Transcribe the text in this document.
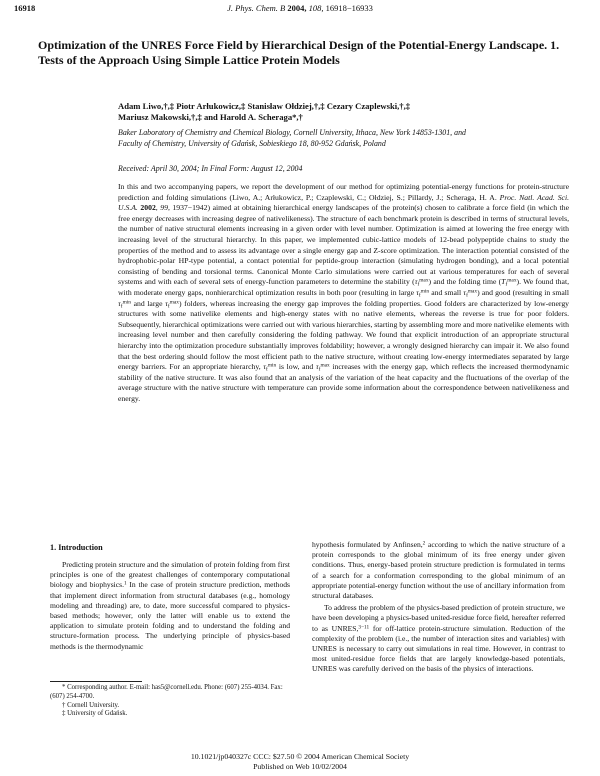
16918	J. Phys. Chem. B 2004, 108, 16918−16933
Optimization of the UNRES Force Field by Hierarchical Design of the Potential-Energy Landscape. 1. Tests of the Approach Using Simple Lattice Protein Models
Adam Liwo,†,‡ Piotr Arłukowicz,‡ Stanisław Ołdziej,†,‡ Cezary Czaplewski,†,‡
Mariusz Makowski,†,‡ and Harold A. Scheraga*,†
Baker Laboratory of Chemistry and Chemical Biology, Cornell University, Ithaca, New York 14853-1301, and
Faculty of Chemistry, University of Gdańsk, Sobieskiego 18, 80-952 Gdańsk, Poland
Received: April 30, 2004; In Final Form: August 12, 2004

In this and two accompanying papers, we report the development of our method for optimizing potential-energy functions for protein-structure prediction and folding simulations (Liwo, A.; Arłukowicz, P.; Czaplewski, C.; Ołdziej, S.; Pillardy, J.; Scheraga, H. A. Proc. Natl. Acad. Sci. U.S.A. 2002, 99, 1937−1942) aimed at obtaining hierarchical energy landscapes of the protein(s) chosen to calibrate a force field (in which the free energy decreases with increasing degree of nativelikeness). The structure of each benchmark protein is described in terms of structural levels, the number of native structural elements increasing in a given order with level number. Optimization is aimed at lowering the free energy with increasing level of the structural hierarchy. In this paper, we implemented cubic-lattice models of 12-bead polypeptide chains to study the properties of the method and to assess its advantage over a single energy gap and Z-score optimization. The interaction potential consisted of the hydrophobic-polar HP-type potential, a contact potential for peptide-group interaction (simulating hydrogen bonding), and a local potential consisting of bending and torsional terms. Canonical Monte Carlo simulations were carried out at various temperatures for each of several systems and with each of several sets of energy-function parameters to determine the stability $(\tau_f^{max})$ and the folding time $(T_f^{max})$. We found that, with moderate energy gaps, nonhierarchical optimization results in both poor (resulting in large $\tau_f^{min}$ and small $\tau_f^{max}$) and good (resulting in small $\tau_f^{min}$ and large $\tau_f^{max}$) folders, whereas increasing the energy gap improves the folding properties. Good folders are characterized by low-energy structures with some nativelike elements and high-energy states with no native elements, whereas the reverse is true for poor folders. Subsequently, hierarchical optimizations were carried out with various hierarchies, starting by assembling more and more nativelike elements with increasing level number and then carefully considering the folding pathway. We found that explicit introduction of an appropriate structural hierarchy into the optimization procedure substantially improves foldability; however, a wrongly designed hierarchy can impair it. We also found that the best ordering should follow the most efficient path to the native structure, without creating low-energy intermediates separated by large energy barriers. For an appropriate hierarchy, $\tau_f^{min}$ is low, and $\tau_f^{max}$ increases with the energy gap, which reflects the increased thermodynamic stability of the native structure. It was also found that an analysis of the variation of the heat capacity and the fluctuations of the overlap of the average structure with the native structure with temperature can provide some information about the correspondence between nativelikeness and energy.

1. Introduction

Predicting protein structure and the simulation of protein folding from first principles is one of the greatest challenges of contemporary computational biology and biophysics.$^1$ In the case of protein structure prediction, methods that implement direct information from structural databases (e.g., homology modeling and threading) are, to date, more successful compared to physics-based methods; however, only the latter will enable us to extend the application to simulate protein folding and to understand the folding and structure-formation process. The underlying principle of physics-based methods is the thermodynamic

hypothesis formulated by Anfinsen,$^2$ according to which the native structure of a protein corresponds to the global minimum of its free energy under given conditions. Thus, energy-based protein structure prediction is formulated in terms of a search for a conformation corresponding to the global minimum of an appropriate potential-energy function without the use of ancillary information from structural databases.

To address the problem of the physics-based prediction of protein structure, we have been developing a physics-based united-residue force field, hereafter referred to as UNRES,$^{3-11}$ for off-lattice protein-structure simulation. Reduction of the complexity of the problem (i.e., the number of interaction sites and variables) with UNRES is necessary to carry out simulations in real time. However, in contrast to most united-residue force fields that are largely knowledge-based potentials, UNRES was carefully derived on the basis of the physics of interactions.

* Corresponding author. E-mail: has5@cornell.edu. Phone: (607) 255-4034. Fax: (607) 254-4700.
† Cornell University.
‡ University of Gdańsk.
10.1021/jp040327c CCC: $27.50 © 2004 American Chemical Society
Published on Web 10/02/2004
